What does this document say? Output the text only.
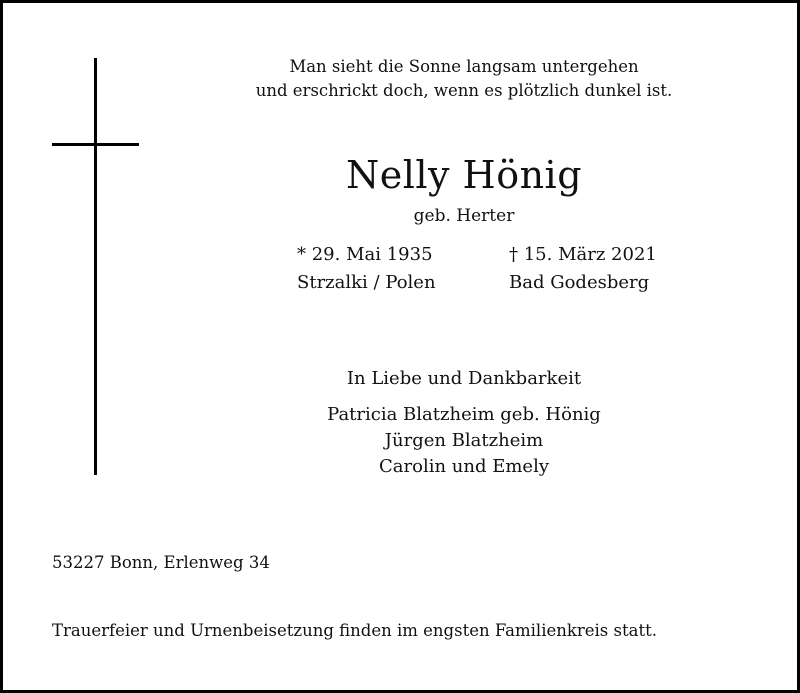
Man sieht die Sonne langsam untergehen
und erschrickt doch, wenn es plötzlich dunkel ist.
Nelly Hönig
geb. Herter
* 29. Mai 1935
Strzalki / Polen
† 15. März 2021
Bad Godesberg
In Liebe und Dankbarkeit
Patricia Blatzheim geb. Hönig
Jürgen Blatzheim
Carolin und Emely
53227 Bonn, Erlenweg 34
Trauerfeier und Urnenbeisetzung finden im engsten Familienkreis statt.
